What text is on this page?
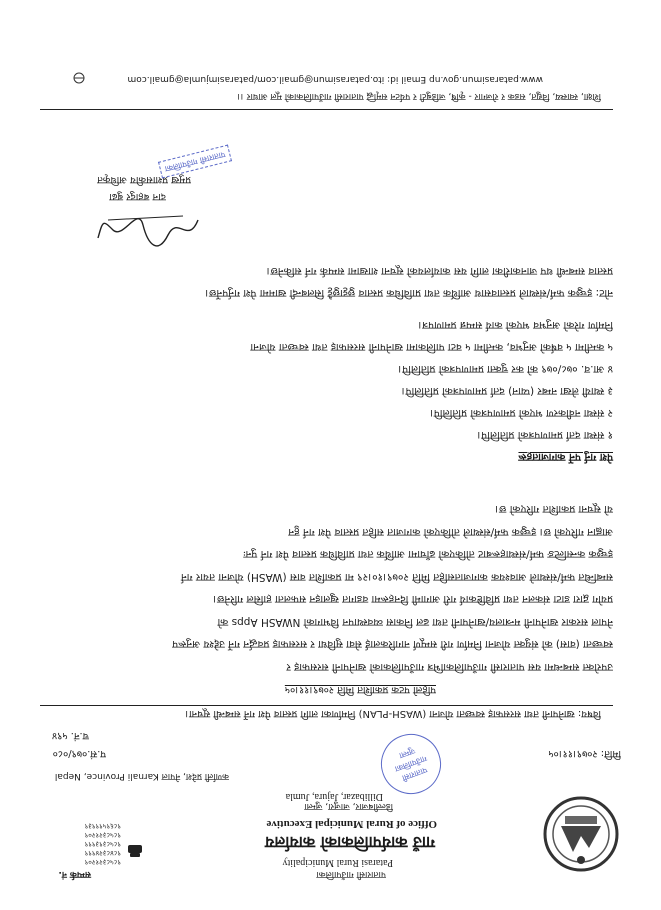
पातारासी गाउँपालिका
Patarasi Rural Municipality
गाउँ कार्यपालिकाको कार्यालय
Office of Rural Municipal Executive
डिल्लीबजार, जाजुरा, जुम्ला
Dillibazar, Jajura, Jumla
कर्णाली प्रदेश, नेपाल Karnali Province, Nepal
सम्पर्क नं.
९८५८३२१२०९
९८४८३२४९९९
९८५८३९३९९९
९८५८३२१२०९
९८६९५९९९३९
प.सं.०७९/०८०
च.नं. ५९४
मिति: २०७९।११।०५
पातारासी गाउँपालिका जुम्ला
विषय: खानेपानी तथा सरसफाइ स्वच्छता योजना (WASH-PLAN) निर्माणका लागि प्रस्ताव पेश गर्ने सम्बन्धी सूचना।
पहिलो पटक प्रकाशित मिति २०७९।११।०५
उपरोक्त सम्बन्धमा यस पातारासी गाउँपालिकाभित्र गाउँपालिकाको खानेपानी सरसफाइ र
स्वच्छता (वास) को संयुक्त योजना निर्माण गरी सम्पूर्ण नागरिकलाई सेवा सुविधा र सरसफाइ प्रवर्द्धन गर्ने उद्देश्य अनुरूप
नेपाल सरकार खानेपानी मन्त्रालय/खानेपानी तथा ढल निकास व्यवस्थापन विभागको NWASH Apps को
प्रयोग द्वारा डाटा संकलन तथा प्रविष्टिकार्य गरी आगामी दिनहरूमा वडागत खुलाइन सफलता हासिल गरिनेछ।
सम्बन्धित फर्म/संस्थाले आवश्यक कागजातसहित मिति २०७९।१०।२९ मा प्रकाशित वास (WASH) योजना तयार गर्न
इच्छुक कन्सल्टिङ फर्म/संस्थाहरूबाट तोकिएको ढाँचामा आर्थिक तथा प्राविधिक प्रस्ताव पेश गर्न पुनः
आह्वान गरिएको छ। इच्छुक फर्म/संस्थाले तोकिएको कागजात सहित प्रस्ताव पेश गर्न हुन
यो सूचना प्रकाशित गरिएको छ।
पेश गर्नु पर्ने कागजातहरू
१ संस्था दर्ता प्रमाणपत्रको प्रतिलिपि।
२ संस्था नवीकरण भएको प्रमाणपत्रको प्रतिलिपि।
३ स्थायी लेखा नम्बर (प्यान) दर्ता प्रमाणपत्रको प्रतिलिपि।
४ आ.व. ०७८/०७९ को कर चुक्ता प्रमाणपत्रको प्रतिलिपि।
५ कम्तीमा ५ वर्षको अनुभव, कम्तीमा ५ वटा पालिकामा खानेपानी सरसफाइ तथा स्वच्छता योजना
निर्माण गरेको अनुभव भएको कार्य सम्पन्न प्रमाणपत्र।
नोट: इच्छुक फर्म/संस्थाले प्रस्तावसाथ आर्थिक तथा प्राविधिक प्रस्ताव छुट्टाछुट्टै सिलबन्दी खाममा पेश गर्नुपर्नेछ।
प्रस्ताव सम्बन्धी थप जानकारीका लागि यस कार्यालयको सूचना शाखामा सम्पर्क गर्न सकिनेछ।
दान बहादुर बुढा
प्रमुख प्रशासकीय अधिकृत
पातारासी गाउँपालिका
शिक्षा, स्वास्थ्य, विद्युत, सडक र रोजगार - कृषि, जडिबुटी र पर्यटन समृद्धि पातारासी गाउँपालिकाको मूल आधार ।।
www.patarasimun.gov.np Email id: ito.patarasimun@gmail.com/patarasimjumla@gmail.com
